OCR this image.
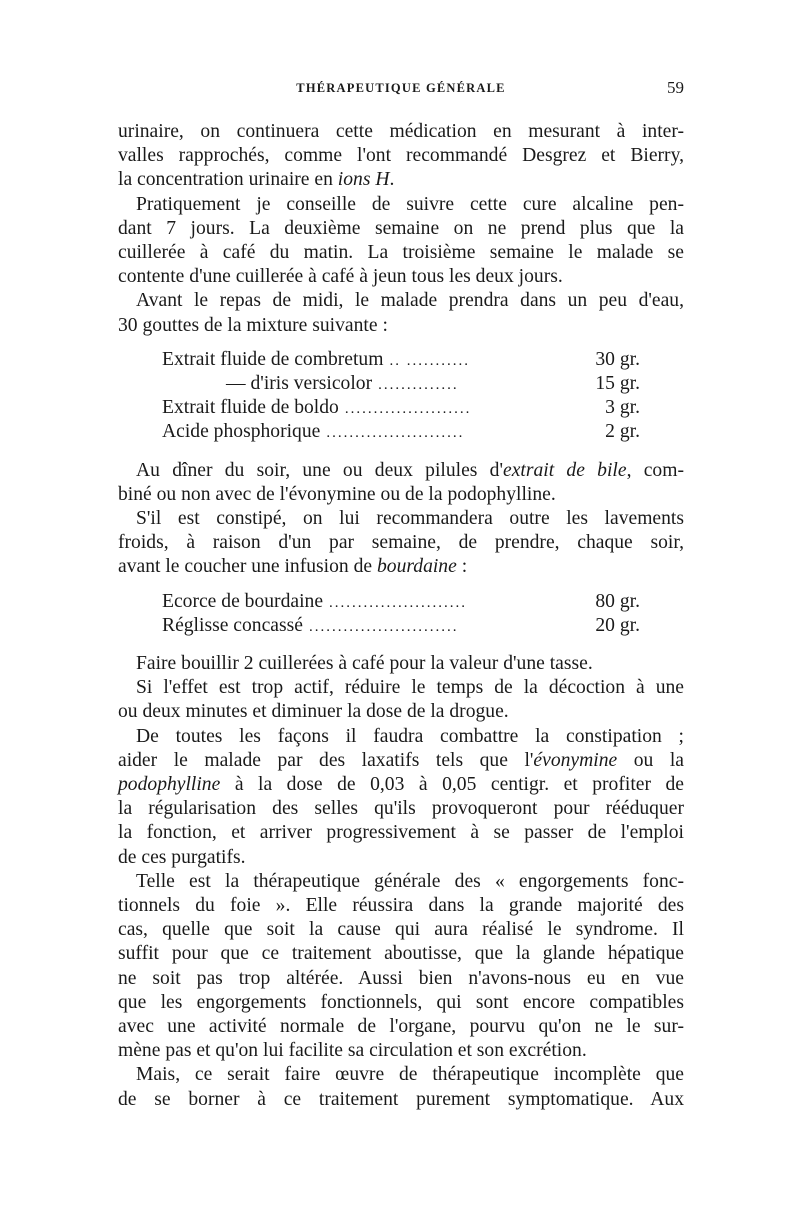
THÉRAPEUTIQUE GÉNÉRALE	59
urinaire, on continuera cette médication en mesurant à inter-
valles rapprochés, comme l'ont recommandé Desgrez et Bierry,
la concentration urinaire en ions H.
Pratiquement je conseille de suivre cette cure alcaline pen-
dant 7 jours. La deuxième semaine on ne prend plus que la
cuillerée à café du matin. La troisième semaine le malade se
contente d'une cuillerée à café à jeun tous les deux jours.
Avant le repas de midi, le malade prendra dans un peu d'eau,
30 gouttes de la mixture suivante :
Extrait fluide de combretum .. ...........	30 gr.
— d'iris versicolor ..............	15 gr.
Extrait fluide de boldo ......................	3 gr.
Acide phosphorique ........................	2 gr.
Au dîner du soir, une ou deux pilules d'extrait de bile, com-
biné ou non avec de l'évonymine ou de la podophylline.
S'il est constipé, on lui recommandera outre les lavements
froids, à raison d'un par semaine, de prendre, chaque soir,
avant le coucher une infusion de bourdaine :
Ecorce de bourdaine ........................	80 gr.
Réglisse concassé ..........................	20 gr.
Faire bouillir 2 cuillerées à café pour la valeur d'une tasse.
Si l'effet est trop actif, réduire le temps de la décoction à une
ou deux minutes et diminuer la dose de la drogue.
De toutes les façons il faudra combattre la constipation ;
aider le malade par des laxatifs tels que l'évonymine ou la
podophylline à la dose de 0,03 à 0,05 centigr. et profiter de
la régularisation des selles qu'ils provoqueront pour rééduquer
la fonction, et arriver progressivement à se passer de l'emploi
de ces purgatifs.
Telle est la thérapeutique générale des « engorgements fonc-
tionnels du foie ». Elle réussira dans la grande majorité des
cas, quelle que soit la cause qui aura réalisé le syndrome. Il
suffit pour que ce traitement aboutisse, que la glande hépatique
ne soit pas trop altérée. Aussi bien n'avons-nous eu en vue
que les engorgements fonctionnels, qui sont encore compatibles
avec une activité normale de l'organe, pourvu qu'on ne le sur-
mène pas et qu'on lui facilite sa circulation et son excrétion.
Mais, ce serait faire œuvre de thérapeutique incomplète que
de se borner à ce traitement purement symptomatique. Aux
